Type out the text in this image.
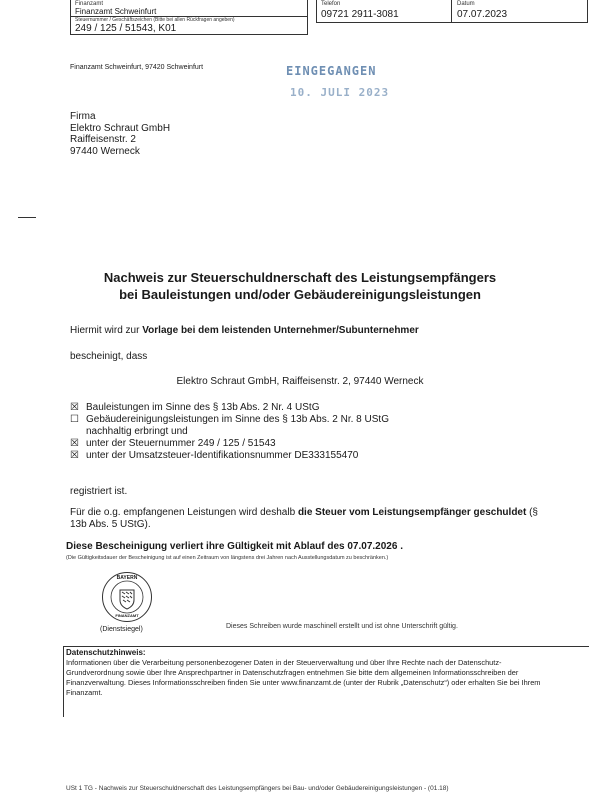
Finanzamt
Finanzamt Schweinfurt
Steuernummer / Geschäftszeichen (Bitte bei allen Rückfragen angeben)
249 / 125 / 51543, K01
Telefon
09721 2911-3081
Datum
07.07.2023
Finanzamt Schweinfurt, 97420 Schweinfurt	EINGEGANGEN
10. JULI 2023
Firma
Elektro Schraut GmbH
Raiffeisenstr. 2
97440 Werneck
Nachweis zur Steuerschuldnerschaft des Leistungsempfängers
bei Bauleistungen und/oder Gebäudereinigungsleistungen
Hiermit wird zur Vorlage bei dem leistenden Unternehmer/Subunternehmer
bescheinigt, dass
Elektro Schraut GmbH, Raiffeisenstr. 2, 97440 Werneck
☒ Bauleistungen im Sinne des § 13b Abs. 2 Nr. 4 UStG
☐ Gebäudereinigungsleistungen im Sinne des § 13b Abs. 2 Nr. 8 UStG
nachhaltig erbringt und
☒ unter der Steuernummer 249 / 125 / 51543
☒ unter der Umsatzsteuer-Identifikationsnummer DE333155470
registriert ist.
Für die o.g. empfangenen Leistungen wird deshalb die Steuer vom Leistungsempfänger geschuldet (§ 13b Abs. 5 UStG).
Diese Bescheinigung verliert ihre Gültigkeit mit Ablauf des 07.07.2026 .
(Die Gültigkeitsdauer der Bescheinigung ist auf einen Zeitraum von längstens drei Jahren nach Ausstellungsdatum zu beschränken.)
BAYERN
FINANZAMT
(Dienstsiegel)	Dieses Schreiben wurde maschinell erstellt und ist ohne Unterschrift gültig.
Datenschutzhinweis:
Informationen über die Verarbeitung personenbezogener Daten in der Steuerverwaltung und über Ihre Rechte nach der Datenschutz-Grundverordnung sowie über Ihre Ansprechpartner in Datenschutzfragen entnehmen Sie bitte dem allgemeinen Informationsschreiben der Finanzverwaltung. Dieses Informationsschreiben finden Sie unter www.finanzamt.de (unter der Rubrik „Datenschutz“) oder erhalten Sie bei Ihrem Finanzamt.
USt 1 TG - Nachweis zur Steuerschuldnerschaft des Leistungsempfängers bei Bau- und/oder Gebäudereinigungsleistungen - (01.18)
